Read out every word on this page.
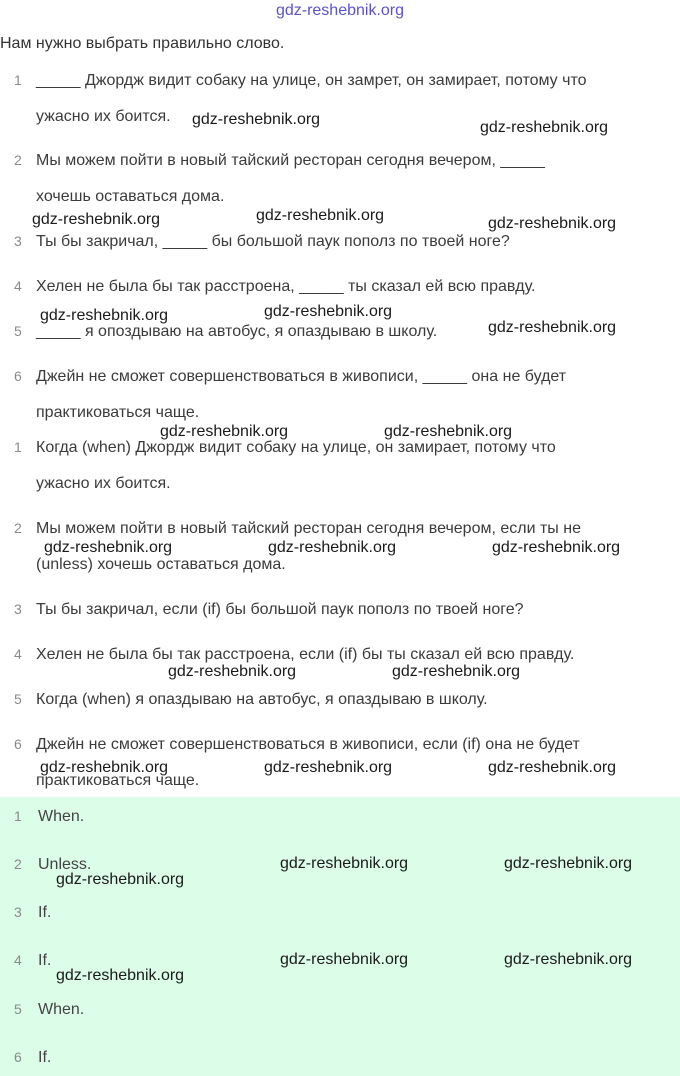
gdz-reshebnik.org
Нам нужно выбрать правильно слово.
1 _____ Джордж видит собаку на улице, он замрет, он замирает, потому что
ужасно их боится.
2 Мы можем пойти в новый тайский ресторан сегодня вечером, _____
хочешь оставаться дома.
3 Ты бы закричал, _____ бы большой паук пополз по твоей ноге?
4 Хелен не была бы так расстроена, _____ ты сказал ей всю правду.
5 _____ я опоздываю на автобус, я опаздываю в школу.
6 Джейн не сможет совершенствоваться в живописи, _____ она не будет
практиковаться чаще.
1 Когда (when) Джордж видит собаку на улице, он замирает, потому что
ужасно их боится.
2 Мы можем пойти в новый тайский ресторан сегодня вечером, если ты не
(unless) хочешь оставаться дома.
3 Ты бы закричал, если (if) бы большой паук пополз по твоей ноге?
4 Хелен не была бы так расстроена, если (if) бы ты сказал ей всю правду.
5 Когда (when) я опаздываю на автобус, я опаздываю в школу.
6 Джейн не сможет совершенствоваться в живописи, если (if) она не будет
практиковаться чаще.
1 When.
2 Unless.
3 If.
4 If.
5 When.
6 If.
gdz-reshebnik.org	gdz-reshebnik.org
gdz-reshebnik.org	gdz-reshebnik.org	gdz-reshebnik.org
gdz-reshebnik.org	gdz-reshebnik.org
gdz-reshebnik.org
gdz-reshebnik.org	gdz-reshebnik.org
gdz-reshebnik.org	gdz-reshebnik.org	gdz-reshebnik.org
gdz-reshebnik.org	gdz-reshebnik.org
gdz-reshebnik.org	gdz-reshebnik.org	gdz-reshebnik.org
gdz-reshebnik.org	gdz-reshebnik.org
gdz-reshebnik.org
gdz-reshebnik.org	gdz-reshebnik.org
gdz-reshebnik.org
